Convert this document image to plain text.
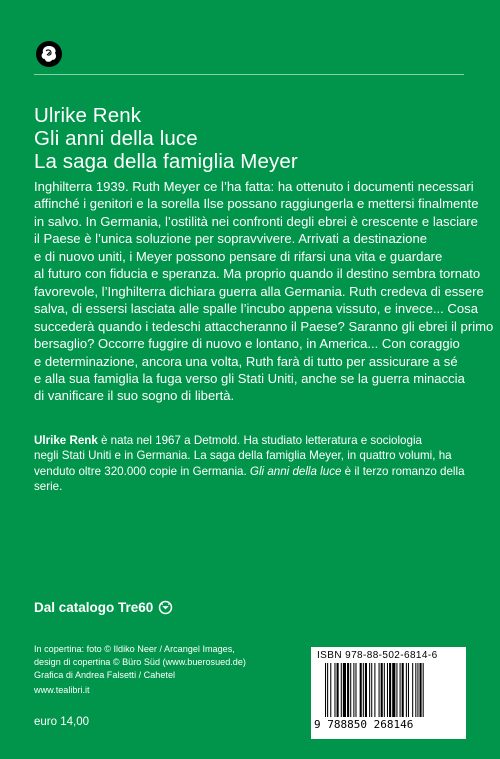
Ulrike Renk
Gli anni della luce
La saga della famiglia Meyer
Inghilterra 1939. Ruth Meyer ce l’ha fatta: ha ottenuto i documenti necessari
affinché i genitori e la sorella Ilse possano raggiungerla e mettersi finalmente
in salvo. In Germania, l’ostilità nei confronti degli ebrei è crescente e lasciare
il Paese è l’unica soluzione per sopravvivere. Arrivati a destinazione
e di nuovo uniti, i Meyer possono pensare di rifarsi una vita e guardare
al futuro con fiducia e speranza. Ma proprio quando il destino sembra tornato
favorevole, l’Inghilterra dichiara guerra alla Germania. Ruth credeva di essere
salva, di essersi lasciata alle spalle l’incubo appena vissuto, e invece... Cosa
succederà quando i tedeschi attaccheranno il Paese? Saranno gli ebrei il primo
bersaglio? Occorre fuggire di nuovo e lontano, in America... Con coraggio
e determinazione, ancora una volta, Ruth farà di tutto per assicurare a sé
e alla sua famiglia la fuga verso gli Stati Uniti, anche se la guerra minaccia
di vanificare il suo sogno di libertà.
Ulrike Renk è nata nel 1967 a Detmold. Ha studiato letteratura e sociologia
negli Stati Uniti e in Germania. La saga della famiglia Meyer, in quattro volumi, ha
venduto oltre 320.000 copie in Germania. Gli anni della luce è il terzo romanzo della
serie.
Dal catalogo Tre60
In copertina: foto © Ildiko Neer / Arcangel Images,
design di copertina © Büro Süd (www.buerosued.de)
Grafica di Andrea Falsetti / Cahetel
www.tealibri.it
euro 14,00
ISBN 978-88-502-6814-6
9 788850 268146
